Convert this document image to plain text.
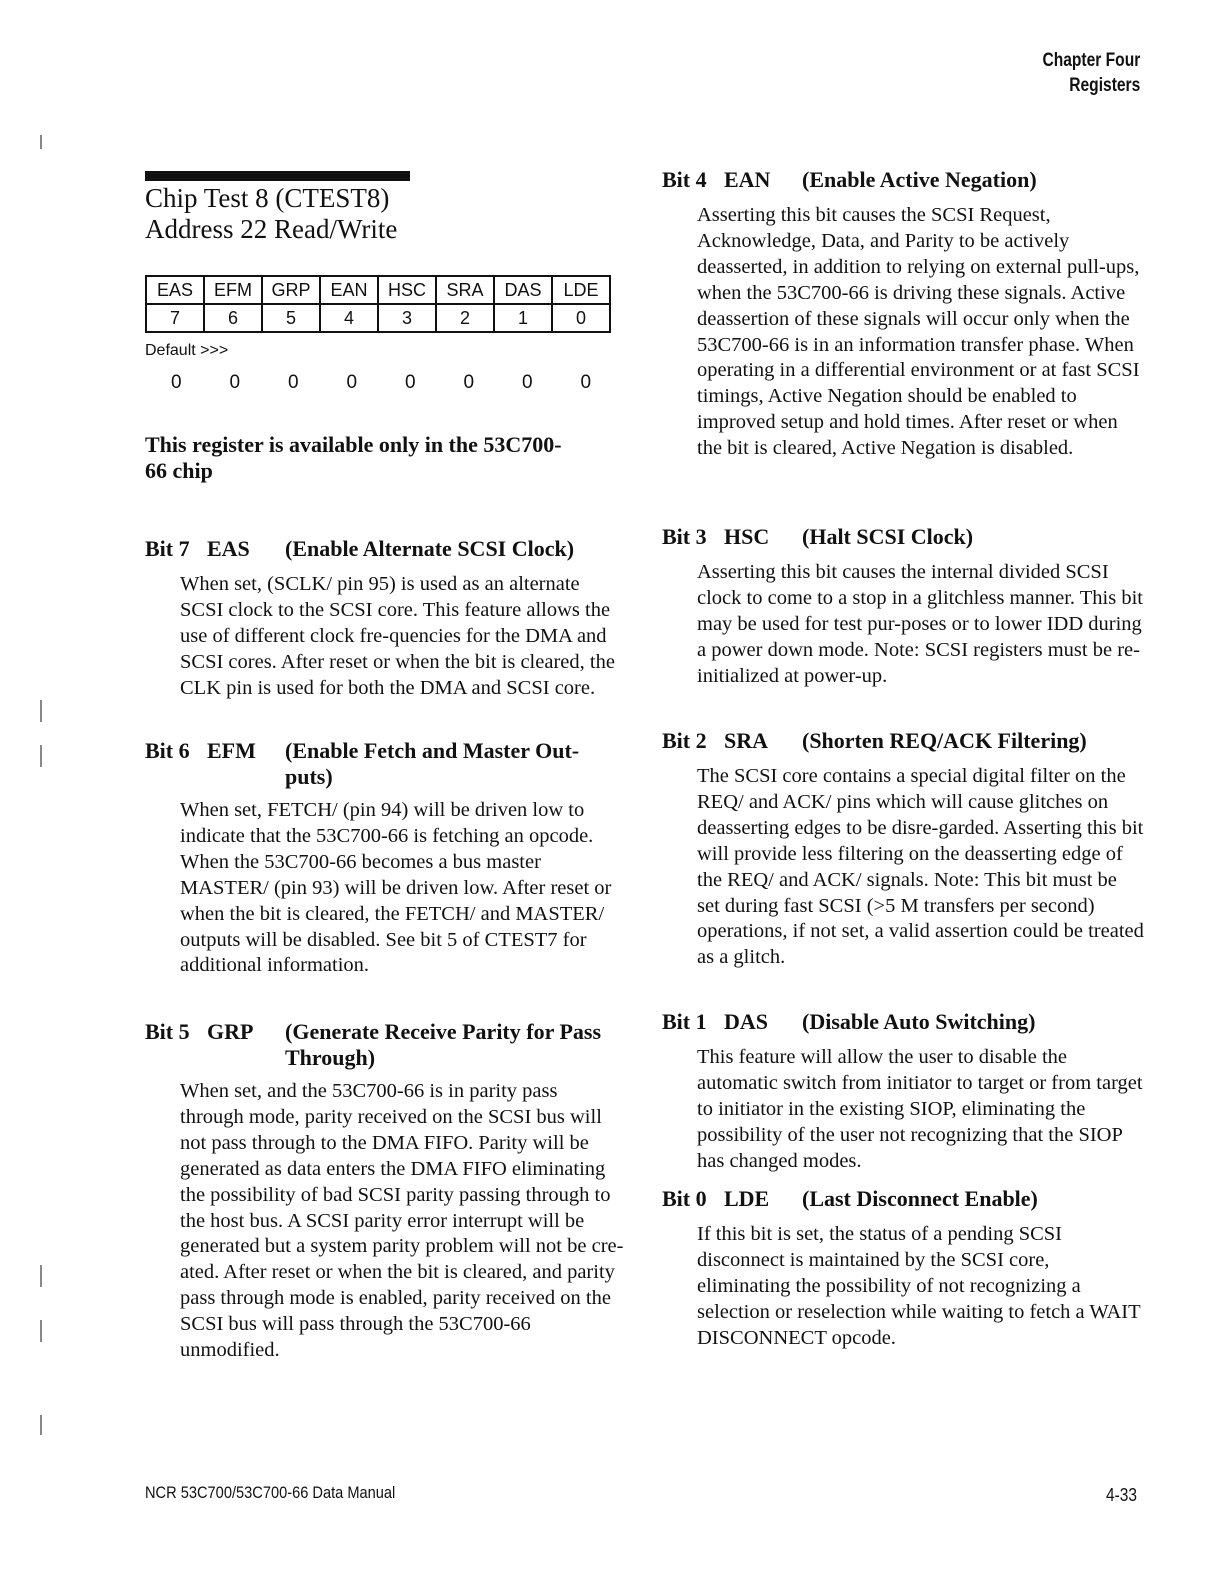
Chapter Four
Registers
Chip Test 8 (CTEST8)
Address 22 Read/Write
EAS	EFM	GRP	EAN	HSC	SRA	DAS	LDE
7	6	5	4	3	2	1	0
Default >>>
0	0	0	0	0	0	0	0
This register is available only in the 53C700-66 chip
Bit 7 EAS	(Enable Alternate SCSI Clock)
When set, (SCLK/ pin 95) is used as an alternate SCSI clock to the SCSI core. This feature allows the use of different clock fre-quencies for the DMA and SCSI cores. After reset or when the bit is cleared, the CLK pin is used for both the DMA and SCSI core.
Bit 6 EFM	(Enable Fetch and Master Out-puts)
When set, FETCH/ (pin 94) will be driven low to indicate that the 53C700-66 is fetching an opcode. When the 53C700-66 becomes a bus master MASTER/ (pin 93) will be driven low. After reset or when the bit is cleared, the FETCH/ and MASTER/ outputs will be disabled. See bit 5 of CTEST7 for additional information.
Bit 5 GRP	(Generate Receive Parity for Pass Through)
When set, and the 53C700-66 is in parity pass through mode, parity received on the SCSI bus will not pass through to the DMA FIFO. Parity will be generated as data enters the DMA FIFO eliminating the possibility of bad SCSI parity passing through to the host bus. A SCSI parity error interrupt will be generated but a system parity problem will not be cre-ated. After reset or when the bit is cleared, and parity pass through mode is enabled, parity received on the SCSI bus will pass through the 53C700-66 unmodified.
Bit 4 EAN	(Enable Active Negation)
Asserting this bit causes the SCSI Request, Acknowledge, Data, and Parity to be actively deasserted, in addition to relying on external pull-ups, when the 53C700-66 is driving these signals. Active deassertion of these signals will occur only when the 53C700-66 is in an information transfer phase. When operating in a differential environment or at fast SCSI timings, Active Negation should be enabled to improved setup and hold times. After reset or when the bit is cleared, Active Negation is disabled.
Bit 3 HSC	(Halt SCSI Clock)
Asserting this bit causes the internal divided SCSI clock to come to a stop in a glitchless manner. This bit may be used for test pur-poses or to lower IDD during a power down mode. Note: SCSI registers must be re-initialized at power-up.
Bit 2 SRA	(Shorten REQ/ACK Filtering)
The SCSI core contains a special digital filter on the REQ/ and ACK/ pins which will cause glitches on deasserting edges to be disre-garded. Asserting this bit will provide less filtering on the deasserting edge of the REQ/ and ACK/ signals. Note: This bit must be set during fast SCSI (>5 M transfers per second) operations, if not set, a valid assertion could be treated as a glitch.
Bit 1 DAS	(Disable Auto Switching)
This feature will allow the user to disable the automatic switch from initiator to target or from target to initiator in the existing SIOP, eliminating the possibility of the user not recognizing that the SIOP has changed modes.
Bit 0 LDE	(Last Disconnect Enable)
If this bit is set, the status of a pending SCSI disconnect is maintained by the SCSI core, eliminating the possibility of not recognizing a selection or reselection while waiting to fetch a WAIT DISCONNECT opcode.
NCR 53C700/53C700-66 Data Manual	4-33
